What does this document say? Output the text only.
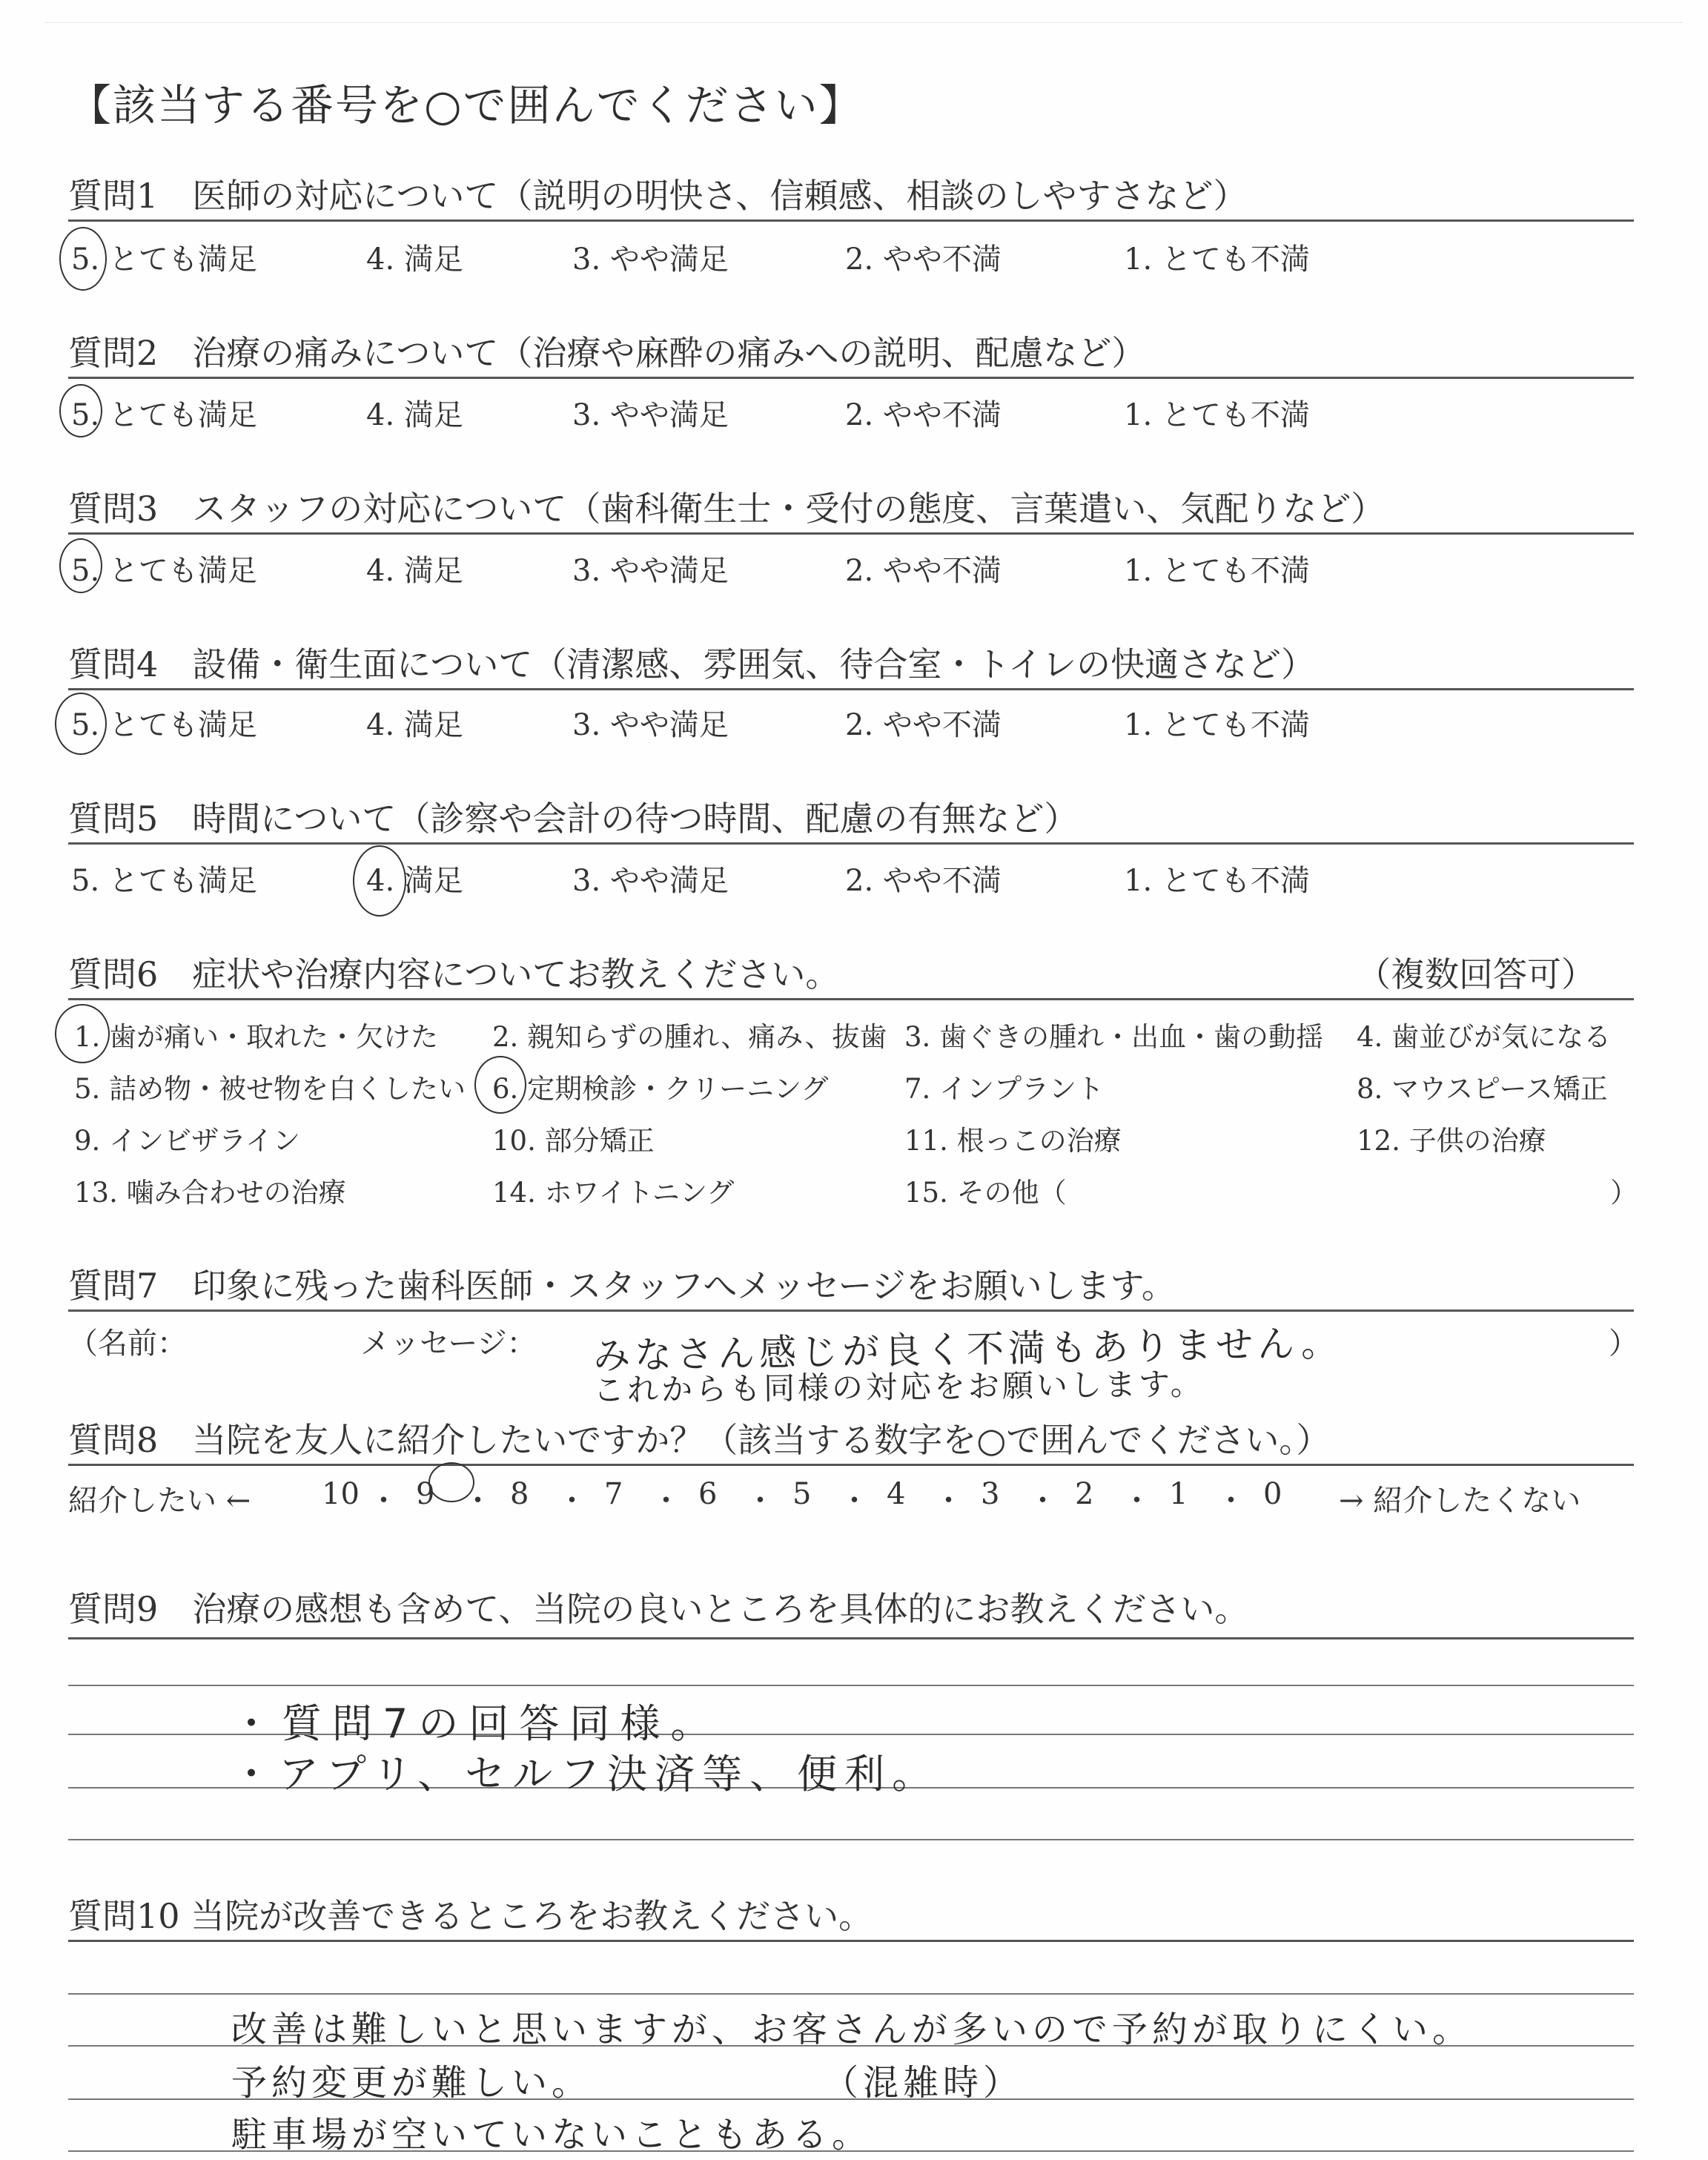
【該当する番号を○で囲んでください】
質問1　医師の対応について（説明の明快さ、信頼感、相談のしやすさなど）
5. とても満足	4. 満足	3. やや満足	2. やや不満	1. とても不満
質問2　治療の痛みについて（治療や麻酔の痛みへの説明、配慮など）
5. とても満足	4. 満足	3. やや満足	2. やや不満	1. とても不満
質問3　スタッフの対応について（歯科衛生士・受付の態度、言葉遣い、気配りなど）
5. とても満足	4. 満足	3. やや満足	2. やや不満	1. とても不満
質問4　設備・衛生面について（清潔感、雰囲気、待合室・トイレの快適さなど）
5. とても満足	4. 満足	3. やや満足	2. やや不満	1. とても不満
質問5　時間について（診察や会計の待つ時間、配慮の有無など）
5. とても満足	4. 満足	3. やや満足	2. やや不満	1. とても不満
質問6　症状や治療内容についてお教えください。	（複数回答可）
1. 歯が痛い・取れた・欠けた 2. 親知らずの腫れ、痛み、抜歯 3. 歯ぐきの腫れ・出血・歯の動揺 4. 歯並びが気になる
5. 詰め物・被せ物を白くしたい 6. 定期検診・クリーニング	7. インプラント	8. マウスピース矯正
9. インビザライン	10. 部分矯正	11. 根っこの治療	12. 子供の治療
13. 噛み合わせの治療	14. ホワイトニング	15. その他（	）
質問7　印象に残った歯科医師・スタッフへメッセージをお願いします。
（名前：	メッセージ：	）
みなさん感じが良く不満もありません。
これからも同様の対応をお願いします。
質問8　当院を友人に紹介したいですか？（該当する数字を○で囲んでください。）
紹介したい ←	→ 紹介したくない
10 ・ 9 ・ 8 ・ 7 ・ 6 ・ 5 ・ 4 ・ 3 ・ 2 ・ 1 ・ 0
質問9　治療の感想も含めて、当院の良いところを具体的にお教えください。
・質問7の回答同様。
・アプリ、セルフ決済等、便利。
質問10 当院が改善できるところをお教えください。
改善は難しいと思いますが、お客さんが多いので予約が取りにくい。
予約変更が難しい。	（混雑時）
駐車場が空いていないこともある。
